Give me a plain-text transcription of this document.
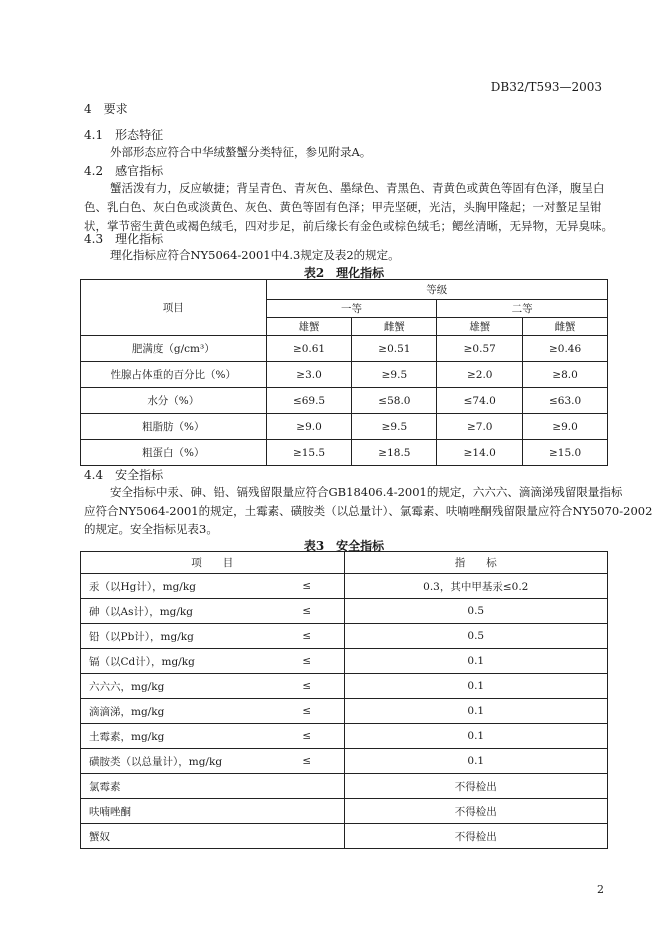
DB32/T593—2003
4　要求
4.1　形态特征
外部形态应符合中华绒螯蟹分类特征，参见附录A。
4.2　感官指标
蟹活泼有力，反应敏捷；背呈青色、青灰色、墨绿色、青黑色、青黄色或黄色等固有色泽，腹呈白
色、乳白色、灰白色或淡黄色、灰色、黄色等固有色泽；甲壳坚硬，光洁，头胸甲隆起；一对螯足呈钳
状，掌节密生黄色或褐色绒毛，四对步足，前后缘长有金色或棕色绒毛；鳃丝清晰，无异物，无异臭味。
4.3　理化指标
理化指标应符合NY5064-2001中4.3规定及表2的规定。
表2　理化指标
项目	等级			
	一等		二等	
	雄蟹	雌蟹	雄蟹	雌蟹
肥满度（g/cm³）	≥0.61	≥0.51	≥0.57	≥0.46
性腺占体重的百分比（%）	≥3.0	≥9.5	≥2.0	≥8.0
水分（%）	≤69.5	≤58.0	≤74.0	≤63.0
粗脂肪（%）	≥9.0	≥9.5	≥7.0	≥9.0
粗蛋白（%）	≥15.5	≥18.5	≥14.0	≥15.0
4.4　安全指标
安全指标中汞、砷、铅、镉残留限量应符合GB18406.4-2001的规定，六六六、滴滴涕残留限量指标
应符合NY5064-2001的规定，土霉素、磺胺类（以总量计）、氯霉素、呋喃唑酮残留限量应符合NY5070-2002
的规定。安全指标见表3。
表3　安全指标
项　　目		指　　标
汞（以Hg计），mg/kg	≤	0.3，其中甲基汞≤0.2
砷（以As计），mg/kg	≤	0.5
铅（以Pb计），mg/kg	≤	0.5
镉（以Cd计），mg/kg	≤	0.1
六六六，mg/kg	≤	0.1
滴滴涕，mg/kg	≤	0.1
土霉素，mg/kg	≤	0.1
磺胺类（以总量计），mg/kg	≤	0.1
氯霉素		不得检出
呋喃唑酮		不得检出
蟹奴		不得检出
2
